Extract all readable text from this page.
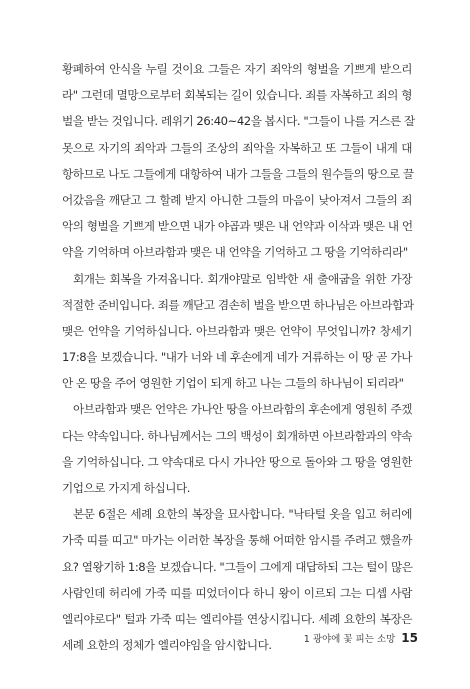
황폐하여 안식을 누릴 것이요 그들은 자기 죄악의 형벌을 기쁘게 받으리
라" 그런데 멸망으로부터 회복되는 길이 있습니다. 죄를 자복하고 죄의 형
벌을 받는 것입니다. 레위기 26:40~42을 봅시다. "그들이 나를 거스른 잘
못으로 자기의 죄악과 그들의 조상의 죄악을 자복하고 또 그들이 내게 대
항하므로 나도 그들에게 대항하여 내가 그들을 그들의 원수들의 땅으로 끌
어갔음을 깨닫고 그 할례 받지 아니한 그들의 마음이 낮아져서 그들의 죄
악의 형벌을 기쁘게 받으면 내가 야곱과 맺은 내 언약과 이삭과 맺은 내 언
약을 기억하며 아브라함과 맺은 내 언약을 기억하고 그 땅을 기억하리라"
회개는 회복을 가져옵니다. 회개야말로 임박한 새 출애굽을 위한 가장
적절한 준비입니다. 죄를 깨닫고 겸손히 벌을 받으면 하나님은 아브라함과
맺은 언약을 기억하십니다. 아브라함과 맺은 언약이 무엇입니까? 창세기
17:8을 보겠습니다. "내가 너와 네 후손에게 네가 거류하는 이 땅 곧 가나
안 온 땅을 주어 영원한 기업이 되게 하고 나는 그들의 하나님이 되리라"
아브라함과 맺은 언약은 가나안 땅을 아브라함의 후손에게 영원히 주겠
다는 약속입니다. 하나님께서는 그의 백성이 회개하면 아브라함과의 약속
을 기억하십니다. 그 약속대로 다시 가나안 땅으로 돌아와 그 땅을 영원한
기업으로 가지게 하십니다.
본문 6절은 세례 요한의 복장을 묘사합니다. "낙타털 옷을 입고 허리에
가죽 띠를 띠고" 마가는 이러한 복장을 통해 어떠한 암시를 주려고 했을까
요? 열왕기하 1:8을 보겠습니다. "그들이 그에게 대답하되 그는 털이 많은
사람인데 허리에 가죽 띠를 띠었더이다 하니 왕이 이르되 그는 디셉 사람
엘리야로다" 털과 가죽 띠는 엘리야를 연상시킵니다. 세례 요한의 복장은
세례 요한의 정체가 엘리야임을 암시합니다.	1 광야에 꽃 피는 소망 15
